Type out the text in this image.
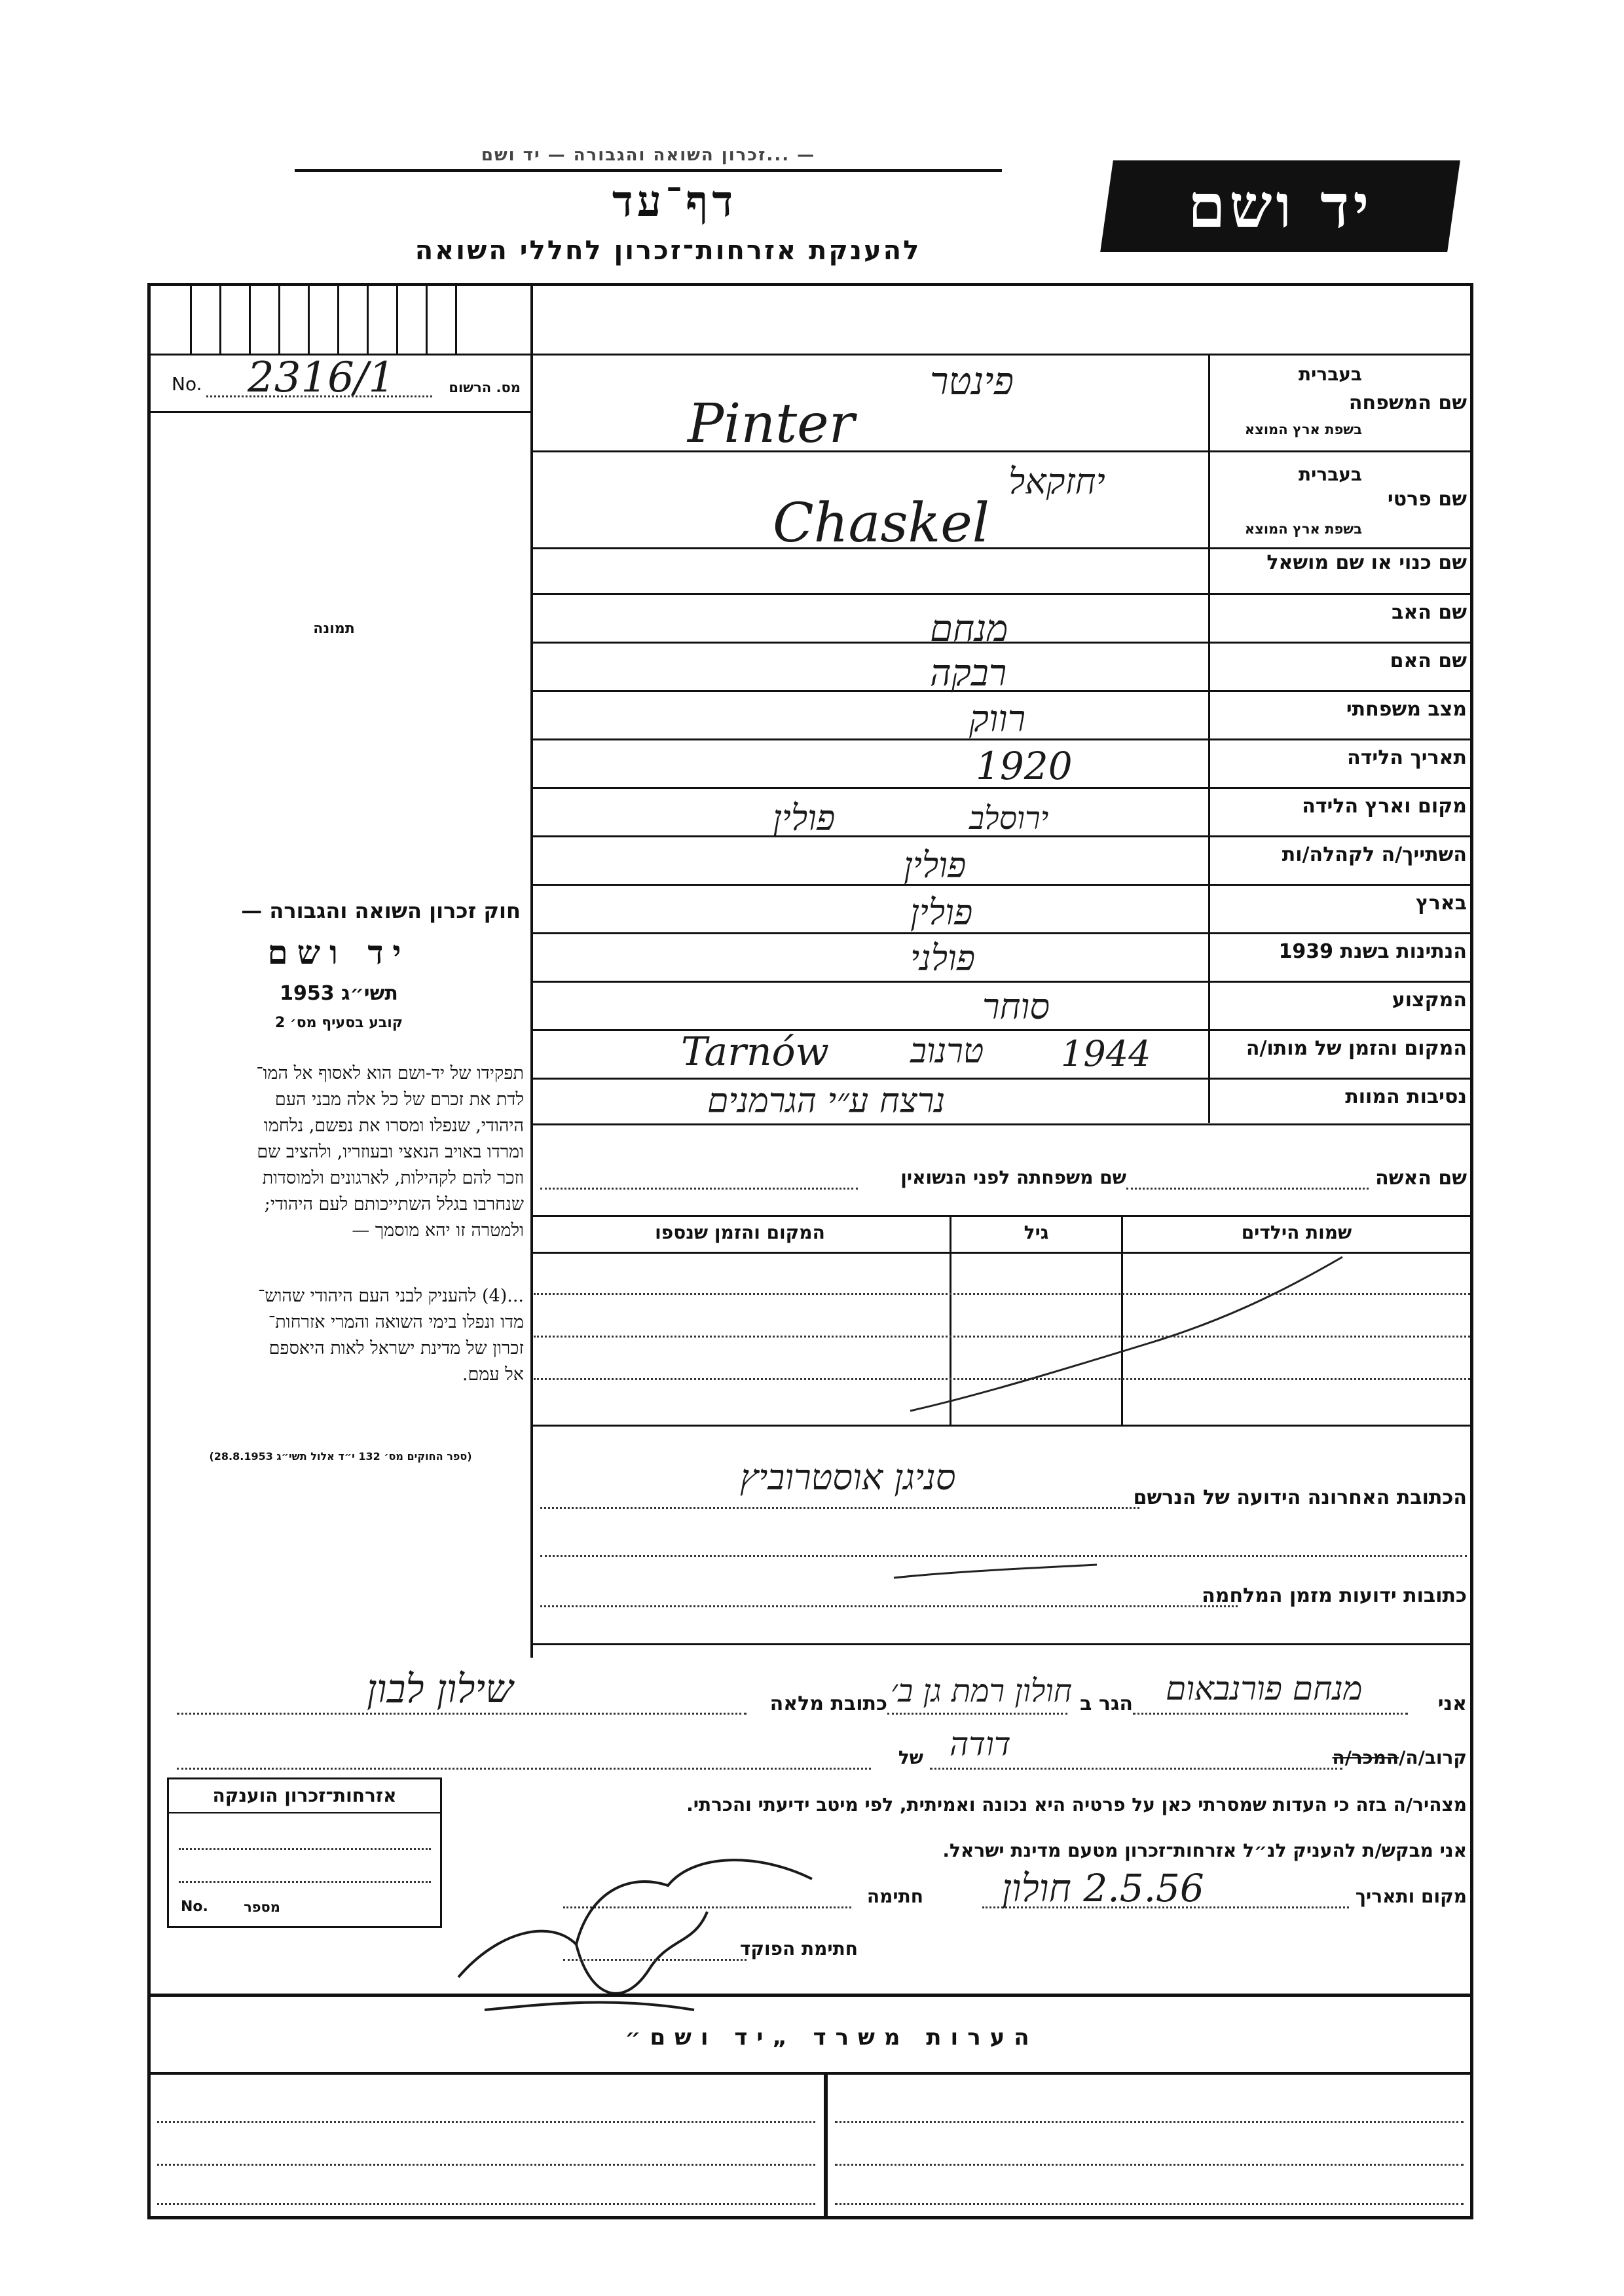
— ...זכרון השואה והגבורה — יד ושם
יד ושם
דף־עד
להענקת אזרחות־זכרון לחללי השואה
No. 2316/1	מס. הרשום
תמונה
שם המשפחה
בעברית
בשפת ארץ המוצא
שם פרטי
בעברית
בשפת ארץ המוצא
שם כנוי או שם מושאל
שם האב
שם האם
מצב משפחתי
תאריך הלידה
מקום וארץ הלידה
השתייך/ה לקהלה/ות
בארץ
הנתינות בשנת 1939
המקצוע
המקום והזמן של מותו/ה
נסיבות המוות
פינטר
Pinter
יחזקאל
Chaskel
מנחם
רבקה
רווק
1920
ירוסלב
פולין
פולין
פולין
פולני
סוחר
Tarnów טרנוב 1944
נרצח ע״י הגרמנים
חוק זכרון השואה והגבורה —
יד ושם
תשי״ג 1953
קובע בסעיף מס׳ 2
תפקידו של יד-ושם הוא לאסוף אל המו־
לדת את זכרם של כל אלה מבני העם
היהודי, שנפלו ומסרו את נפשם, נלחמו
ומרדו באויב הנאצי ובעוזריו, ולהציב שם
וזכר להם לקהילות, לארגונים ולמוסדות
שנחרבו בגלל השתייכותם לעם היהודי;
ולמטרה זו יהא מוסמך —
...(4) להעניק לבני העם היהודי שהוש־
מדו ונפלו בימי השואה והמרי אזרחות־
זכרון של מדינת ישראל לאות היאספם
אל עמם.
(ספר החוקים מס׳ 132 י״ד אלול תשי״ג 28.8.1953)
שם האשה
שם משפחתה לפני הנשואין
שמות הילדים
גיל
המקום והזמן שנספו
הכתובת האחרונה הידועה של הנרשם
סניגן אוסטרוביץ
כתובות ידועות מזמן המלחמה
אני
מנחם פורנבאום
הגר ב
חולון רמת גן ב׳
כתובת מלאה
שילון לבון
קרוב/ה/המכר/ה
של דודה
מצהיר/ה בזה כי העדות שמסרתי כאן על פרטיה היא נכונה ואמיתית, לפי מיטב ידיעתי והכרתי.
אני מבקש/ת להעניק לנ״ל אזרחות־זכרון מטעם מדינת ישראל.
מקום ותאריך
2.5.56 חולון
חתימה
חתימת הפוקד
אזרחות־זכרון הוענקה
No.	מספר
הערות משרד „יד ושם״
